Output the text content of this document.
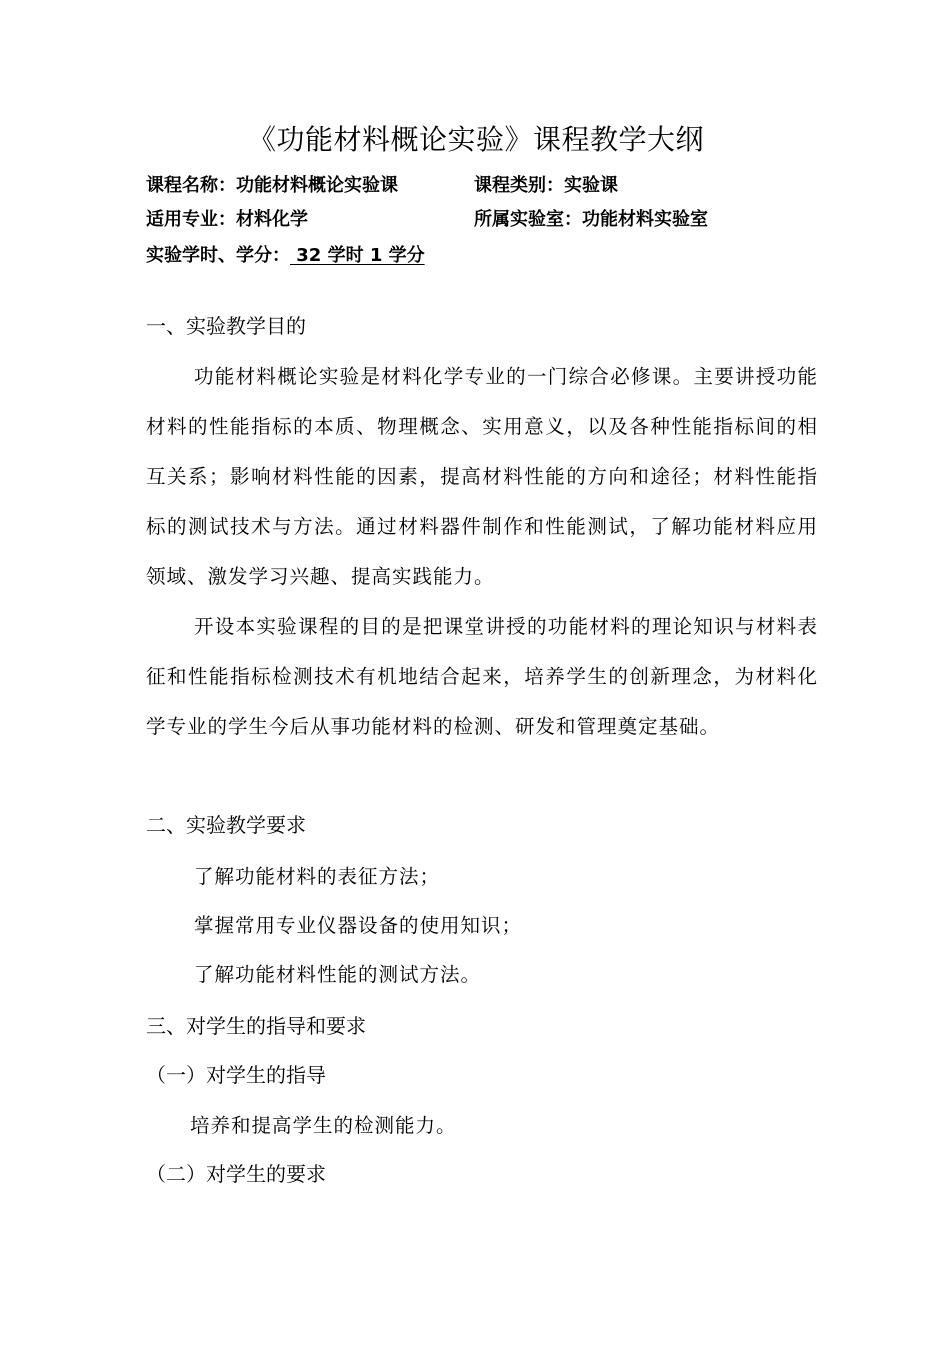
《功能材料概论实验》课程教学大纲
课程名称：功能材料概论实验课	课程类别：实验课
适用专业：材料化学	所属实验室：功能材料实验室
实验学时、学分： 32 学时 1 学分
一、实验教学目的
功能材料概论实验是材料化学专业的一门综合必修课。主要讲授功能材料的性能指标的本质、物理概念、实用意义，以及各种性能指标间的相互关系；影响材料性能的因素，提高材料性能的方向和途径；材料性能指标的测试技术与方法。通过材料器件制作和性能测试，了解功能材料应用领域、激发学习兴趣、提高实践能力。
开设本实验课程的目的是把课堂讲授的功能材料的理论知识与材料表征和性能指标检测技术有机地结合起来，培养学生的创新理念，为材料化学专业的学生今后从事功能材料的检测、研发和管理奠定基础。
二、实验教学要求
了解功能材料的表征方法；
掌握常用专业仪器设备的使用知识；
了解功能材料性能的测试方法。
三、对学生的指导和要求
（一）对学生的指导
培养和提高学生的检测能力。
（二）对学生的要求
